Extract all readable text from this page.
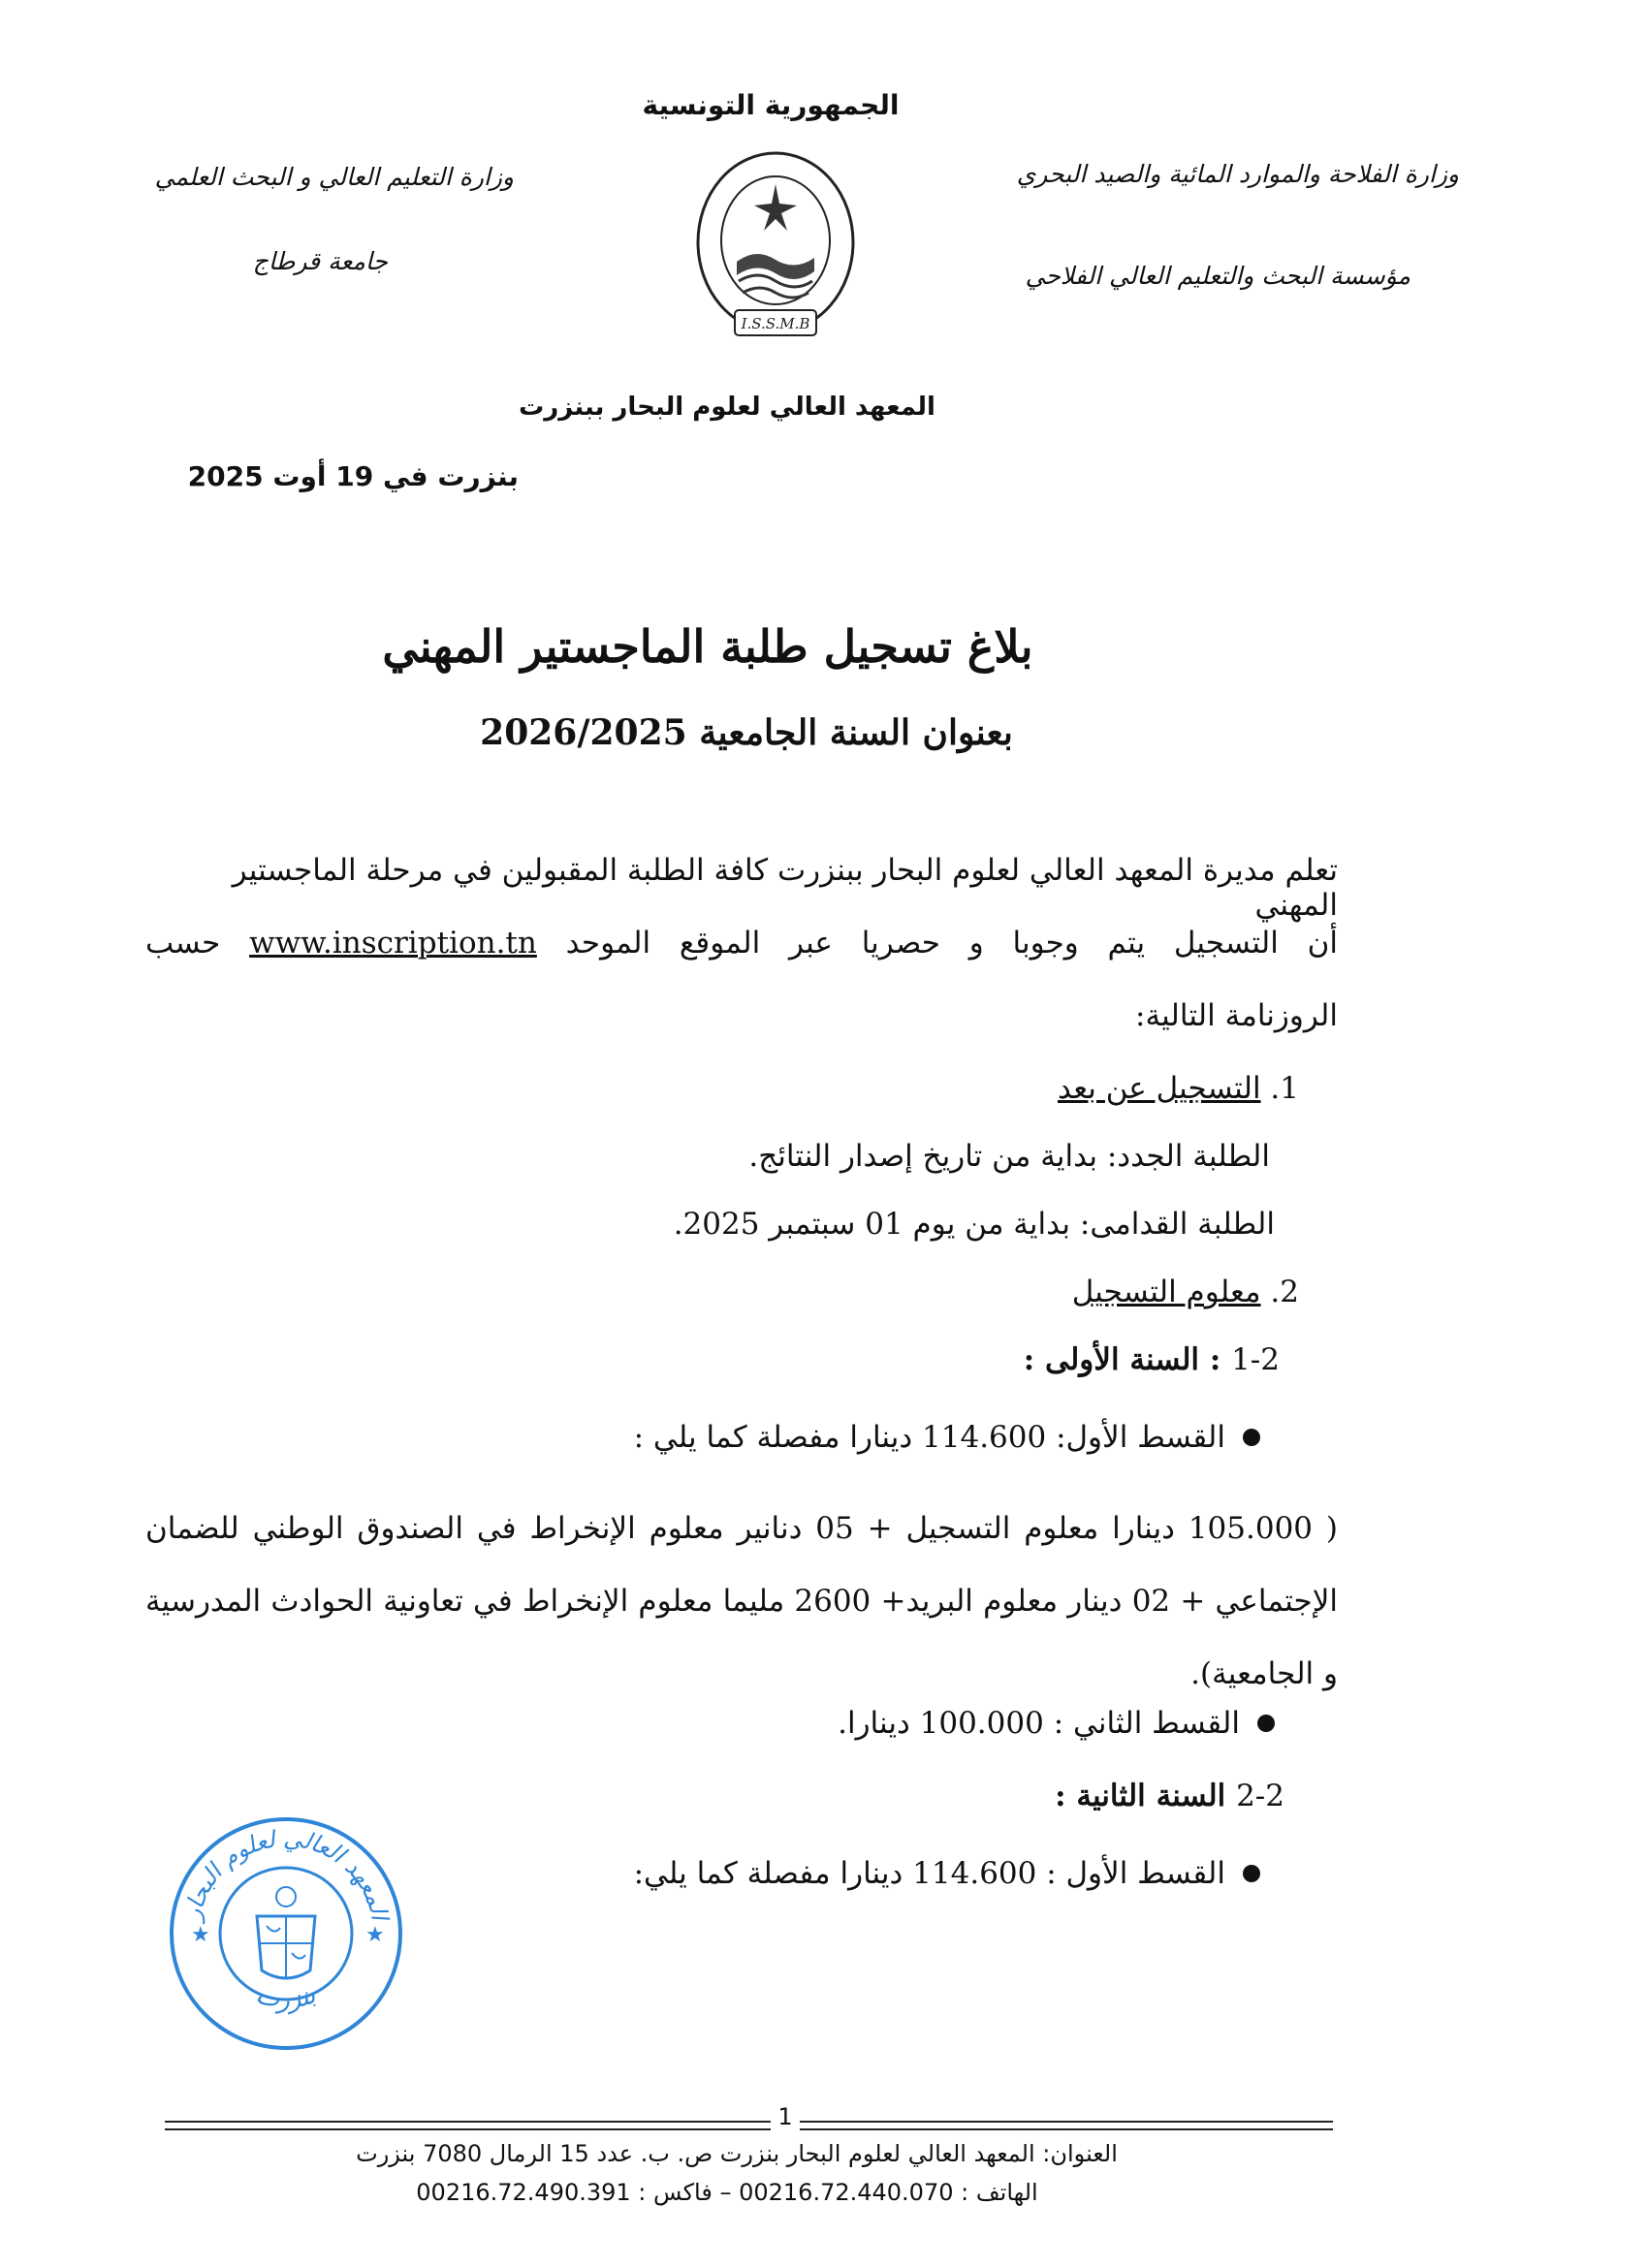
الجمهورية التونسية
وزارة الفلاحة والموارد المائية والصيد البحري
مؤسسة البحث والتعليم العالي الفلاحي
وزارة التعليم العالي و البحث العلمي
جامعة قرطاج
I.S.S.M.B
المعهد العالي لعلوم البحار ببنزرت
بنزرت في 19 أوت 2025
بلاغ تسجيل طلبة الماجستير المهني
بعنوان السنة الجامعية 2026/2025
تعلم مديرة المعهد العالي لعلوم البحار ببنزرت كافة الطلبة المقبولين في مرحلة الماجستير المهني
أن التسجيل يتم وجوبا و حصريا عبر الموقع الموحد www.inscription.tn حسب
الروزنامة التالية:
.1 التسجيل عن بعد
الطلبة الجدد: بداية من تاريخ إصدار النتائج.
الطلبة القدامى: بداية من يوم 01 سبتمبر 2025.
.2 معلوم التسجيل
1-2 : السنة الأولى :
القسط الأول: 114.600 دينارا مفصلة كما يلي :
( 105.000 دينارا معلوم التسجيل + 05 دنانير معلوم الإنخراط في الصندوق الوطني للضمان الإجتماعي + 02 دينار معلوم البريد+ 2600 مليما معلوم الإنخراط في تعاونية الحوادث المدرسية و الجامعية).
القسط الثاني : 100.000 دينارا.
2-2 السنة الثانية :
القسط الأول : 114.600 دينارا مفصلة كما يلي:
المعهد العالي لعلوم البحار
بنزرت
★	★
1
العنوان: المعهد العالي لعلوم البحار بنزرت ص. ب. عدد 15 الرمال 7080 بنزرت
الهاتف : 00216.72.440.070 – فاكس : 00216.72.490.391
